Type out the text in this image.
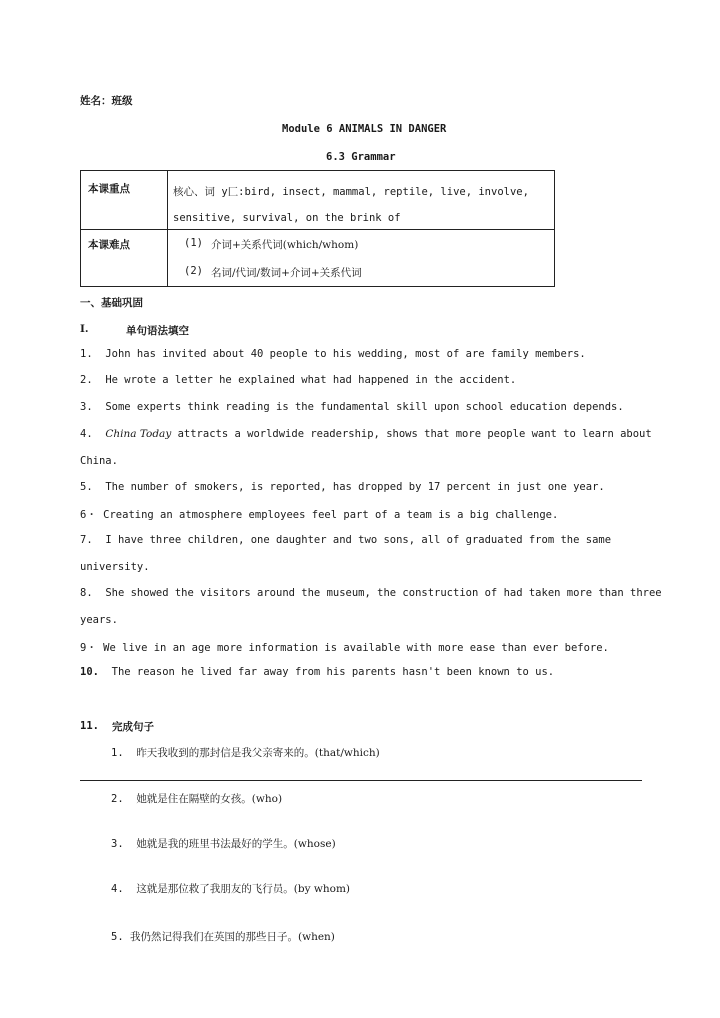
姓名：班级
Module 6 ANIMALS IN DANGER
6.3 Grammar
本课重点	核心、词 y匚:bird, insect, mammal, reptile, live, involve,
sensitive, survival, on the brink of
本课难点	(1) 介词+关系代词(which/whom)
(2) 名词/代词/数词+介词+关系代词
一、基础巩固
I.	单句语法填空
1. John has invited about 40 people to his wedding, most of are family members.
2. He wrote a letter he explained what had happened in the accident.
3. Some experts think reading is the fundamental skill upon school education depends.
4. China Today attracts a worldwide readership, shows that more people want to learn about
China.
5. The number of smokers, is reported, has dropped by 17 percent in just one year.
6・ Creating an atmosphere employees feel part of a team is a big challenge.
7. I have three children, one daughter and two sons, all of graduated from the same
university.
8. She showed the visitors around the museum, the construction of had taken more than three
years.
9・ We live in an age more information is available with more ease than ever before.
10. The reason he lived far away from his parents hasn't been known to us.
11. 完成句子
1. 昨天我收到的那封信是我父亲寄来的。(that/which)
2. 她就是住在隔壁的女孩。(who)
3. 她就是我的班里书法最好的学生。(whose)
4. 这就是那位救了我朋友的飞行员。(by whom)
5. 我仍然记得我们在英国的那些日子。(when)
